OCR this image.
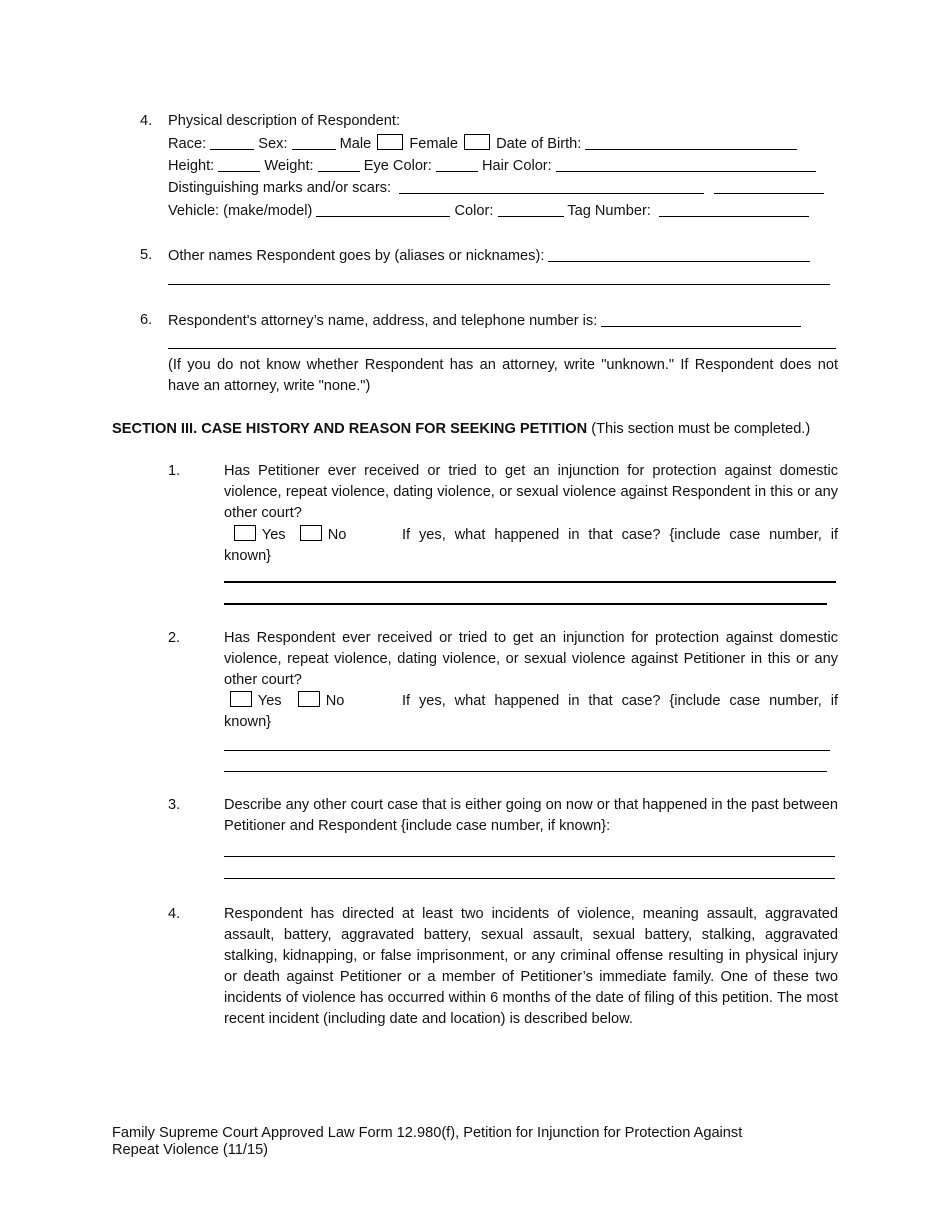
4. Physical description of Respondent:
Race:	Sex:	Male	Female	Date of Birth:
Height:	Weight:	Eye Color:	Hair Color:
Distinguishing marks and/or scars:
Vehicle: (make/model)	Color:	Tag Number:
5. Other names Respondent goes by (aliases or nicknames):
6. Respondent's attorney’s name, address, and telephone number is:
(If you do not know whether Respondent has an attorney, write "unknown." If Respondent does not have an attorney, write "none.")
SECTION III. CASE HISTORY AND REASON FOR SEEKING PETITION (This section must be completed.)
1.	Has Petitioner ever received or tried to get an injunction for protection against domestic violence, repeat violence, dating violence, or sexual violence against Respondent in this or any other court?
Yes	No	If yes, what happened in that case? {include case number, if known}
2.	Has Respondent ever received or tried to get an injunction for protection against domestic violence, repeat violence, dating violence, or sexual violence against Petitioner in this or any other court?
Yes	No	If yes, what happened in that case? {include case number, if known}
3.	Describe any other court case that is either going on now or that happened in the past between Petitioner and Respondent {include case number, if known}:
4.	Respondent has directed at least two incidents of violence, meaning assault, aggravated assault, battery, aggravated battery, sexual assault, sexual battery, stalking, aggravated stalking, kidnapping, or false imprisonment, or any criminal offense resulting in physical injury or death against Petitioner or a member of Petitioner’s immediate family. One of these two incidents of violence has occurred within 6 months of the date of filing of this petition. The most recent incident (including date and location) is described below.
Family Supreme Court Approved Law Form 12.980(f), Petition for Injunction for Protection Against
Repeat Violence (11/15)
